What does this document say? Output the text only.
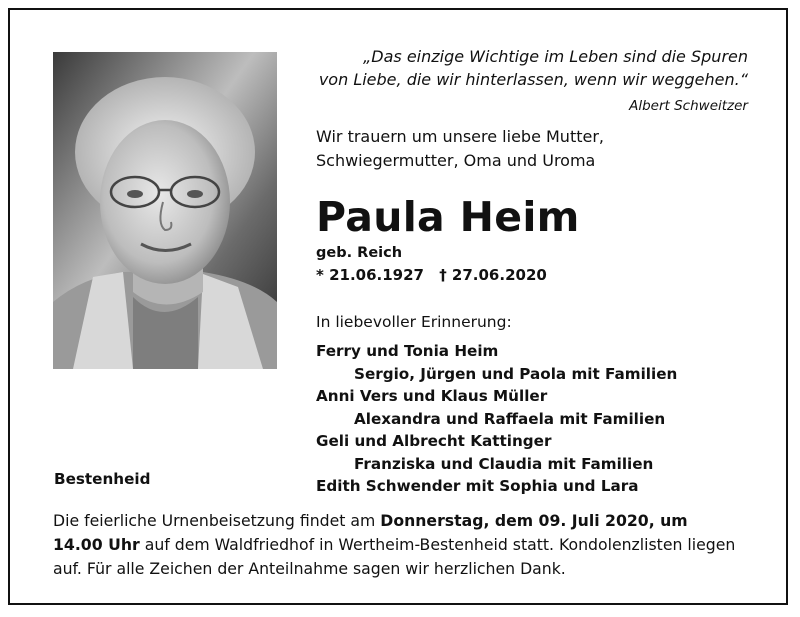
„Das einzige Wichtige im Leben sind die Spuren
von Liebe, die wir hinterlassen, wenn wir weggehen.“
Albert Schweitzer
Wir trauern um unsere liebe Mutter,
Schwiegermutter, Oma und Uroma
Paula Heim
geb. Reich
* 21.06.1927 † 27.06.2020
In liebevoller Erinnerung:
Ferry und Tonia Heim
Sergio, Jürgen und Paola mit Familien
Anni Vers und Klaus Müller
Alexandra und Raffaela mit Familien
Geli und Albrecht Kattinger
Franziska und Claudia mit Familien
Edith Schwender mit Sophia und Lara
Bestenheid
Die feierliche Urnenbeisetzung findet am Donnerstag, dem 09. Juli 2020, um
14.00 Uhr auf dem Waldfriedhof in Wertheim-Bestenheid statt. Kondolenzlisten liegen
auf. Für alle Zeichen der Anteilnahme sagen wir herzlichen Dank.
